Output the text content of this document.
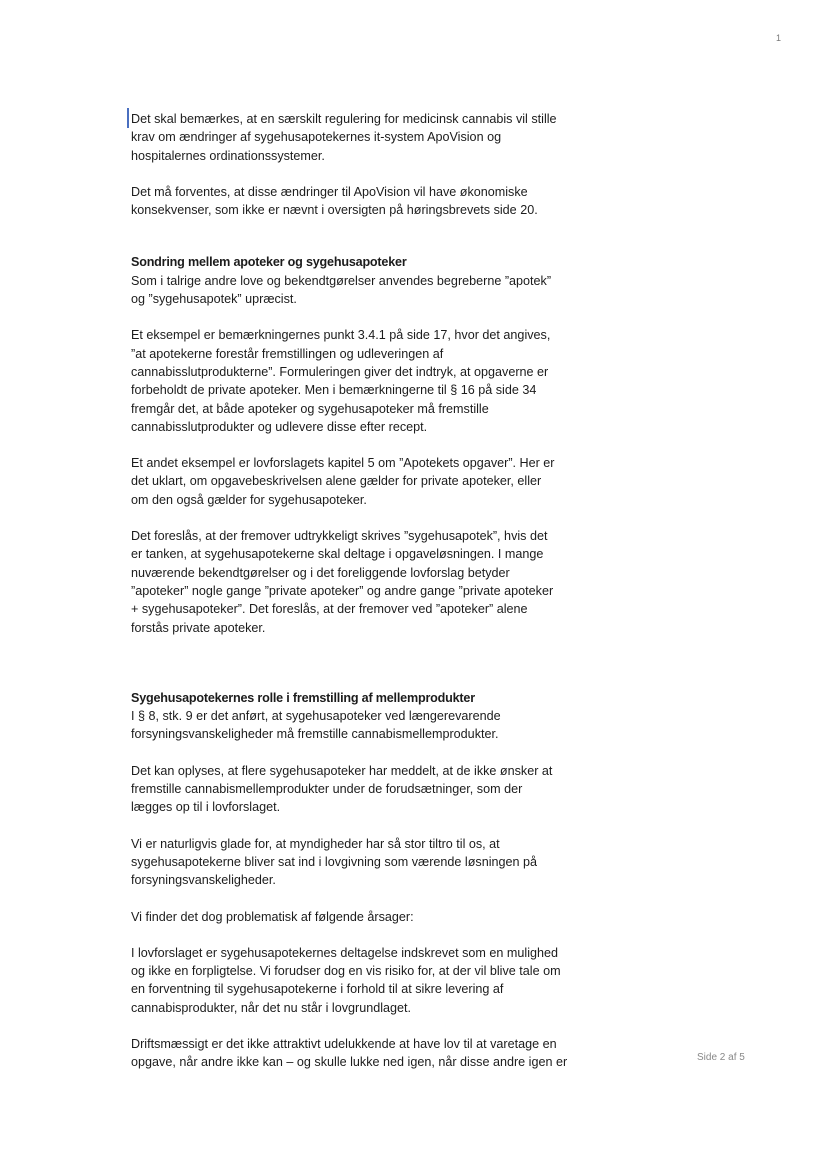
1

Det skal bemærkes, at en særskilt regulering for medicinsk cannabis vil stille
krav om ændringer af sygehusapotekernes it-system ApoVision og
hospitalernes ordinationssystemer.

Det må forventes, at disse ændringer til ApoVision vil have økonomiske
konsekvenser, som ikke er nævnt i oversigten på høringsbrevets side 20.

Sondring mellem apoteker og sygehusapoteker

Som i talrige andre love og bekendtgørelser anvendes begreberne ”apotek”
og ”sygehusapotek” upræcist.

Et eksempel er bemærkningernes punkt 3.4.1 på side 17, hvor det angives,
”at apotekerne forestår fremstillingen og udleveringen af
cannabisslutprodukterne”. Formuleringen giver det indtryk, at opgaverne er
forbeholdt de private apoteker. Men i bemærkningerne til § 16 på side 34
fremgår det, at både apoteker og sygehusapoteker må fremstille
cannabisslutprodukter og udlevere disse efter recept.

Et andet eksempel er lovforslagets kapitel 5 om ”Apotekets opgaver”. Her er
det uklart, om opgavebeskrivelsen alene gælder for private apoteker, eller
om den også gælder for sygehusapoteker.

Det foreslås, at der fremover udtrykkeligt skrives ”sygehusapotek”, hvis det
er tanken, at sygehusapotekerne skal deltage i opgaveløsningen. I mange
nuværende bekendtgørelser og i det foreliggende lovforslag betyder
”apoteker” nogle gange ”private apoteker” og andre gange ”private apoteker
+ sygehusapoteker”. Det foreslås, at der fremover ved ”apoteker” alene
forstås private apoteker.

Sygehusapotekernes rolle i fremstilling af mellemprodukter

I § 8, stk. 9 er det anført, at sygehusapoteker ved længerevarende
forsyningsvanskeligheder må fremstille cannabismellemprodukter.

Det kan oplyses, at flere sygehusapoteker har meddelt, at de ikke ønsker at
fremstille cannabismellemprodukter under de forudsætninger, som der
lægges op til i lovforslaget.

Vi er naturligvis glade for, at myndigheder har så stor tiltro til os, at
sygehusapotekerne bliver sat ind i lovgivning som værende løsningen på
forsyningsvanskeligheder.

Vi finder det dog problematisk af følgende årsager:

I lovforslaget er sygehusapotekernes deltagelse indskrevet som en mulighed
og ikke en forpligtelse. Vi forudser dog en vis risiko for, at der vil blive tale om
en forventning til sygehusapotekerne i forhold til at sikre levering af
cannabisprodukter, når det nu står i lovgrundlaget.

Driftsmæssigt er det ikke attraktivt udelukkende at have lov til at varetage en
opgave, når andre ikke kan – og skulle lukke ned igen, når disse andre igen er	Side 2 af 5
